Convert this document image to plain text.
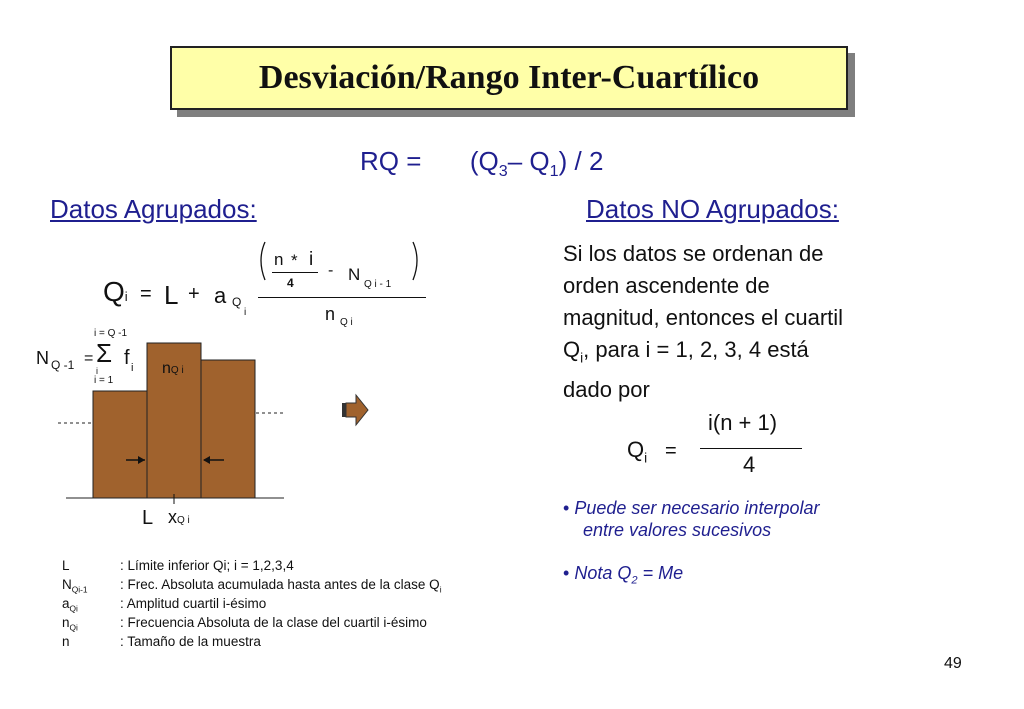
Desviación/Rango Inter-Cuartílico
RQ = ($Q_3-$ $Q_1) / 2$
Datos Agrupados:	Datos NO Agrupados:
Qi = L + a Q
i
n * i
4
- N
Q i - 1
n Q i
i = Q -1
N Q -1 = Σ
i
f i
i = 1
nQ i
L xQ i
L	: Límite inferior Qi; i = 1,2,3,4
$N_{Qi-1}$ : Frec. Absoluta acumulada hasta antes de la clase $Q_i$
$a_{Qi}$	: Amplitud cuartil i-ésimo
$n_{Qi}$	: Frecuencia Absoluta de la clase del cuartil i-ésimo
n	: Tamaño de la muestra
Si los datos se ordenan de
orden ascendente de
magnitud, entonces el cuartil
$Q_i$, para i = 1, 2, 3, 4 está
dado por
$Q_i$ =
i(n + 1)
4
• Puede ser necesario interpolar
entre valores sucesivos
• Nota $Q_2 = Me$
49
